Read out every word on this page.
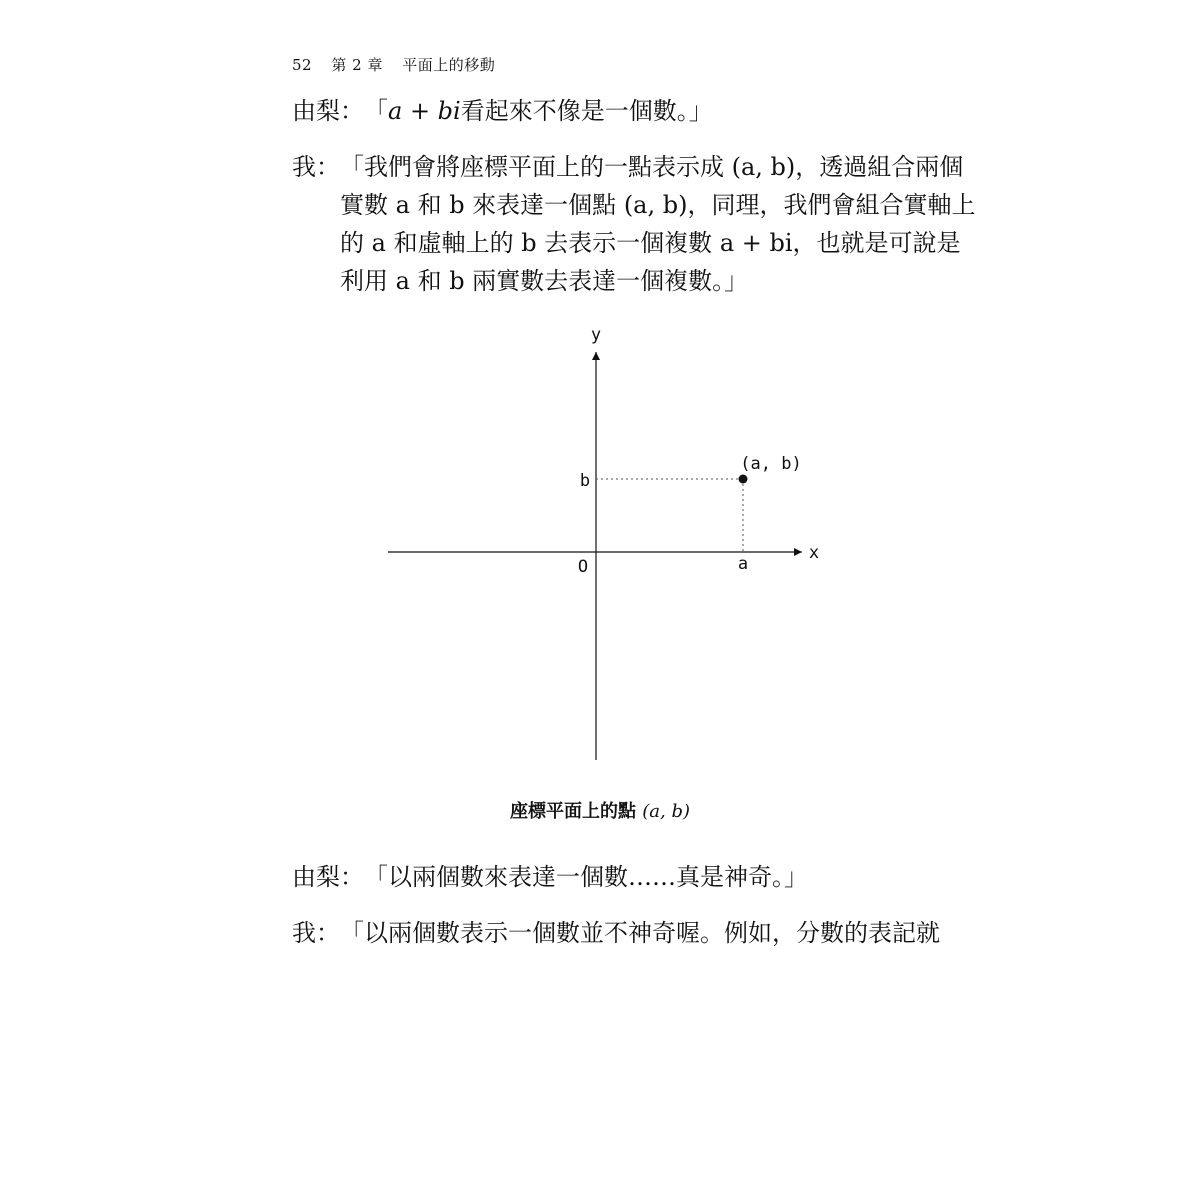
52 第 2 章 平面上的移動
由梨：「a + bi看起來不像是一個數。」
我：「我們會將座標平面上的一點表示成 (a, b)，透過組合兩個
實數 a 和 b 來表達一個點 (a, b)，同理，我們會組合實軸上
的 a 和虛軸上的 b 去表示一個複數 a + bi，也就是可說是
利用 a 和 b 兩實數去表達一個複數。」
y
x
O	a
b
(a, b)
座標平面上的點 (a, b)
由梨：「以兩個數來表達一個數……真是神奇。」
我：「以兩個數表示一個數並不神奇喔。例如，分數的表記就
